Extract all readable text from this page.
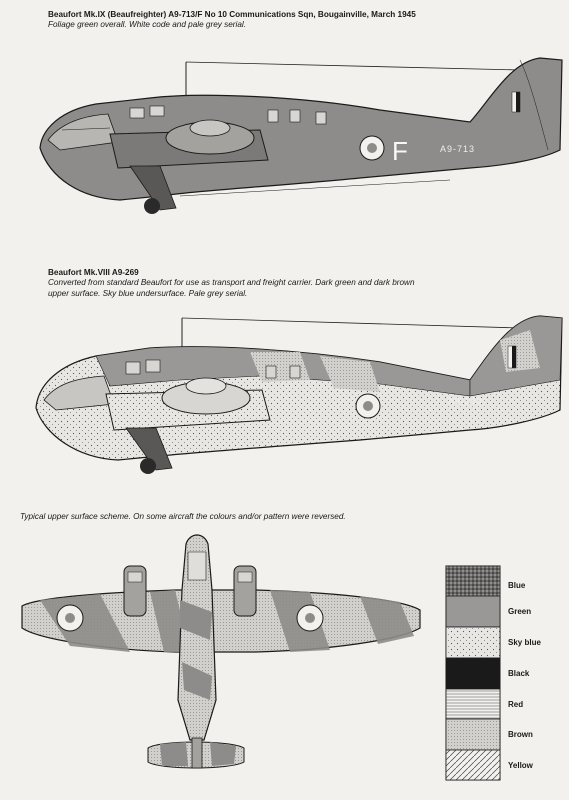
Beaufort Mk.IX (Beaufreighter) A9-713/F No 10 Communications Sqn, Bougainville, March 1945
Foliage green overall. White code and pale grey serial.
Beaufort Mk.VIII A9-269
Converted from standard Beaufort for use as transport and freight carrier. Dark green and dark brown upper surface. Sky blue undersurface. Pale grey serial.
Typical upper surface scheme. On some aircraft the colours and/or pattern were reversed.
F	A9-713
A9-269
Blue
Green
Sky blue
Black
Red
Brown
Yellow
